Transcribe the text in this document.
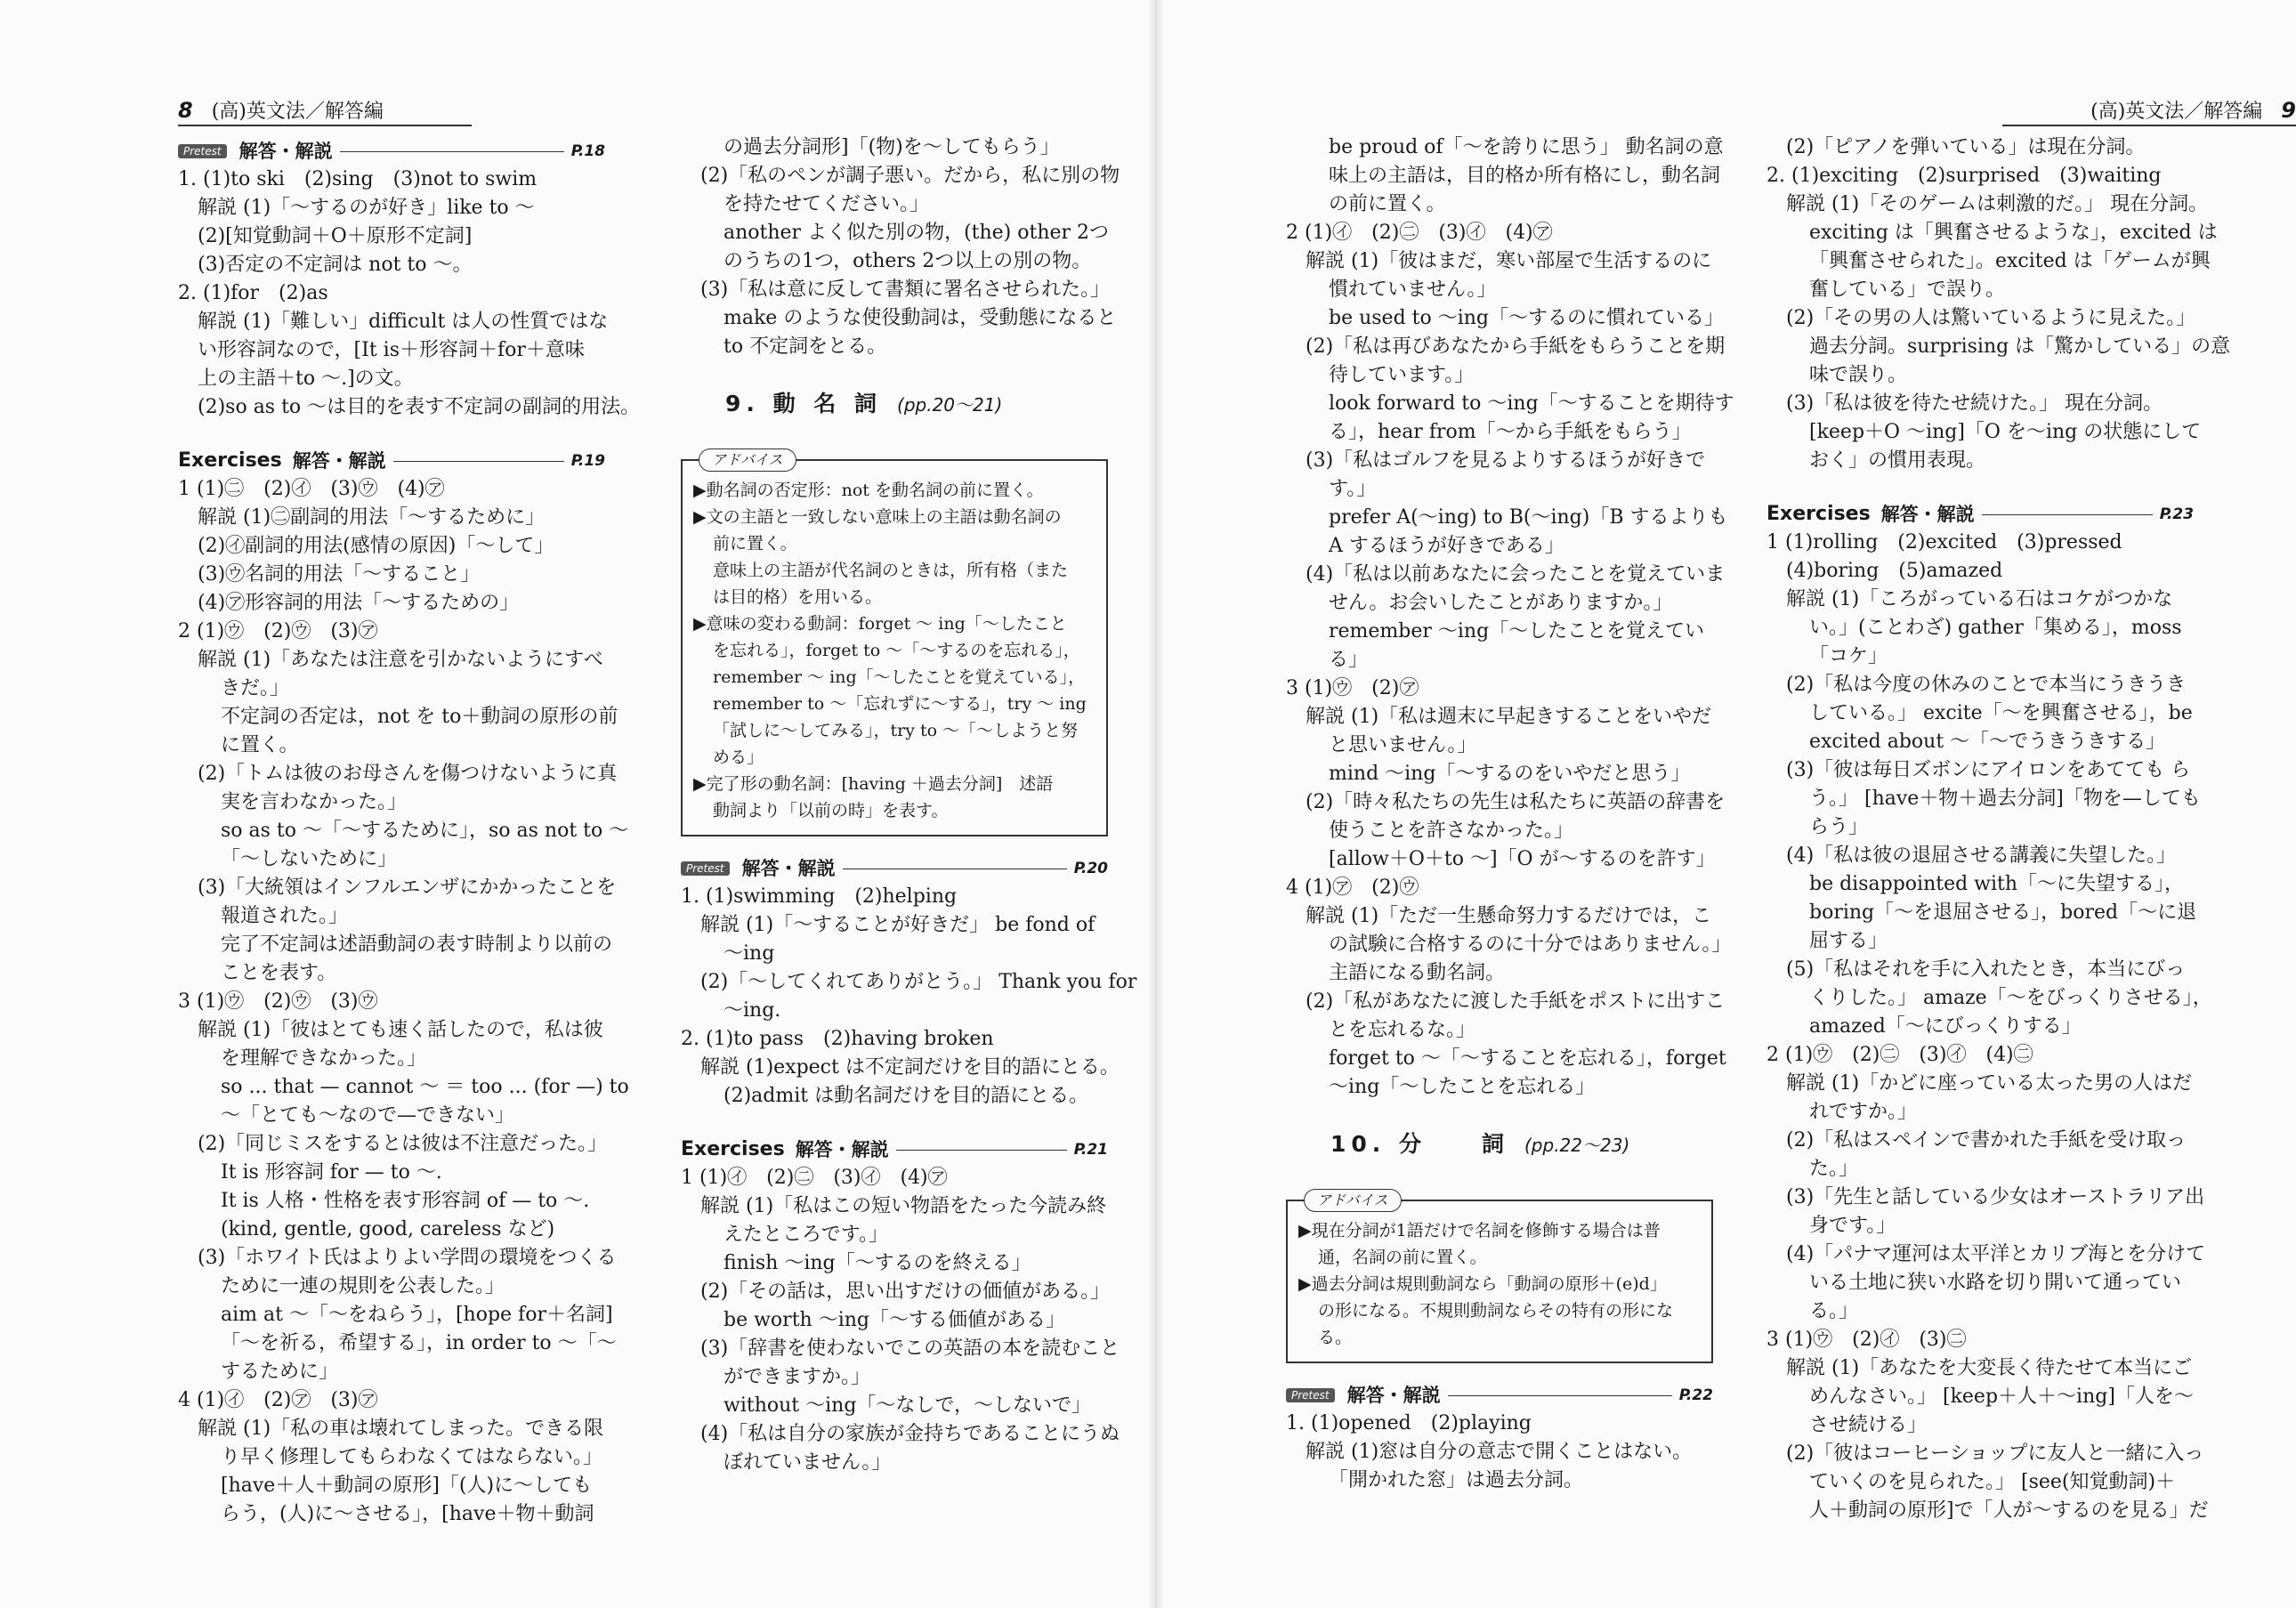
8 (高)英文法／解答編	(高)英文法／解答編 9
Pretest 解答・解説	P.18
1. (1)to ski　(2)sing　(3)not to swim
解説 (1)「～するのが好き」like to ～
(2)[知覚動詞＋O＋原形不定詞]
(3)否定の不定詞は not to ～。
2. (1)for　(2)as
解説 (1)「難しい」difficult は人の性質ではな
い形容詞なので，[It is＋形容詞＋for＋意味
上の主語＋to ～.]の文。
(2)so as to ～は目的を表す不定詞の副詞的用法。
Exercises 解答・解説	P.19
1 (1)㊁　(2)㋑　(3)㋒　(4)㋐
解説 (1)㊁副詞的用法「～するために」
(2)㋑副詞的用法(感情の原因)「～して」
(3)㋒名詞的用法「～すること」
(4)㋐形容詞的用法「～するための」
2 (1)㋒　(2)㋒　(3)㋐
解説 (1)「あなたは注意を引かないようにすべ
きだ。」
不定詞の否定は，not を to＋動詞の原形の前
に置く。
(2)「トムは彼のお母さんを傷つけないように真
実を言わなかった。」
so as to ～「～するために」，so as not to ～
「～しないために」
(3)「大統領はインフルエンザにかかったことを
報道された。」
完了不定詞は述語動詞の表す時制より以前の
ことを表す。
3 (1)㋒　(2)㋒　(3)㋒
解説 (1)「彼はとても速く話したので，私は彼
を理解できなかった。」
so ... that — cannot ～ ＝ too ... (for —) to
～「とても～なので—できない」
(2)「同じミスをするとは彼は不注意だった。」
It is 形容詞 for — to ～.
It is 人格・性格を表す形容詞 of — to ～.
(kind, gentle, good, careless など)
(3)「ホワイト氏はよりよい学問の環境をつくる
ために一連の規則を公表した。」
aim at ～「～をねらう」，[hope for＋名詞]
「～を祈る，希望する」，in order to ～「～
するために」
4 (1)㋑　(2)㋐　(3)㋐
解説 (1)「私の車は壊れてしまった。できる限
り早く修理してもらわなくてはならない。」
[have＋人＋動詞の原形]「(人)に～しても
らう，(人)に～させる」，[have＋物＋動詞
の過去分詞形]「(物)を～してもらう」
(2)「私のペンが調子悪い。だから，私に別の物
を持たせてください。」
another よく似た別の物，(the) other 2つ
のうちの1つ，others 2つ以上の別の物。
(3)「私は意に反して書類に署名させられた。」
make のような使役動詞は，受動態になると
to 不定詞をとる。
9. 動 名 詞 (pp.20～21)
アドバイス
▶動名詞の否定形：not を動名詞の前に置く。
▶文の主語と一致しない意味上の主語は動名詞の
前に置く。
意味上の主語が代名詞のときは，所有格（また
は目的格）を用いる。
▶意味の変わる動詞：forget ～ ing「～したこと
を忘れる」，forget to ～「～するのを忘れる」，
remember ～ ing「～したことを覚えている」，
remember to ～「忘れずに～する」，try ～ ing
「試しに～してみる」，try to ～「～しようと努
める」
▶完了形の動名詞：[having ＋過去分詞]　述語
動詞より「以前の時」を表す。
Pretest 解答・解説	P.20
1. (1)swimming　(2)helping
解説 (1)「～することが好きだ」 be fond of
～ing
(2)「～してくれてありがとう。」 Thank you for
～ing.
2. (1)to pass　(2)having broken
解説 (1)expect は不定詞だけを目的語にとる。
(2)admit は動名詞だけを目的語にとる。
Exercises 解答・解説	P.21
1 (1)㋑　(2)㊁　(3)㋑　(4)㋐
解説 (1)「私はこの短い物語をたった今読み終
えたところです。」
finish ～ing「～するのを終える」
(2)「その話は，思い出すだけの価値がある。」
be worth ～ing「～する価値がある」
(3)「辞書を使わないでこの英語の本を読むこと
ができますか。」
without ～ing「～なしで，～しないで」
(4)「私は自分の家族が金持ちであることにうぬ
ぼれていません。」
be proud of「～を誇りに思う」 動名詞の意
味上の主語は，目的格か所有格にし，動名詞
の前に置く。
2 (1)㋑　(2)㊁　(3)㋑　(4)㋐
解説 (1)「彼はまだ，寒い部屋で生活するのに
慣れていません。」
be used to ～ing「～するのに慣れている」
(2)「私は再びあなたから手紙をもらうことを期
待しています。」
look forward to ～ing「～することを期待す
る」，hear from「～から手紙をもらう」
(3)「私はゴルフを見るよりするほうが好きで
す。」
prefer A(～ing) to B(～ing)「B するよりも
A するほうが好きである」
(4)「私は以前あなたに会ったことを覚えていま
せん。お会いしたことがありますか。」
remember ～ing「～したことを覚えてい
る」
3 (1)㋒　(2)㋐
解説 (1)「私は週末に早起きすることをいやだ
と思いません。」
mind ～ing「～するのをいやだと思う」
(2)「時々私たちの先生は私たちに英語の辞書を
使うことを許さなかった。」
[allow＋O＋to ～]「O が～するのを許す」
4 (1)㋐　(2)㋒
解説 (1)「ただ一生懸命努力するだけでは，こ
の試験に合格するのに十分ではありません。」
主語になる動名詞。
(2)「私があなたに渡した手紙をポストに出すこ
とを忘れるな。」
forget to ～「～することを忘れる」，forget
～ing「～したことを忘れる」
10. 分　　詞 (pp.22～23)
アドバイス
▶現在分詞が1語だけで名詞を修飾する場合は普
通，名詞の前に置く。
▶過去分詞は規則動詞なら「動詞の原形＋(e)d」
の形になる。不規則動詞ならその特有の形にな
る。
Pretest 解答・解説	P.22
1. (1)opened　(2)playing
解説 (1)窓は自分の意志で開くことはない。
「開かれた窓」は過去分詞。
(2)「ピアノを弾いている」は現在分詞。
2. (1)exciting　(2)surprised　(3)waiting
解説 (1)「そのゲームは刺激的だ。」 現在分詞。
exciting は「興奮させるような」，excited は
「興奮させられた」。excited は「ゲームが興
奮している」で誤り。
(2)「その男の人は驚いているように見えた。」
過去分詞。surprising は「驚かしている」の意
味で誤り。
(3)「私は彼を待たせ続けた。」 現在分詞。
[keep＋O ～ing]「O を～ing の状態にして
おく」の慣用表現。
Exercises 解答・解説	P.23
1 (1)rolling　(2)excited　(3)pressed
(4)boring　(5)amazed
解説 (1)「ころがっている石はコケがつかな
い。」(ことわざ) gather「集める」，moss
「コケ」
(2)「私は今度の休みのことで本当にうきうき
している。」 excite「～を興奮させる」，be
excited about ～「～でうきうきする」
(3)「彼は毎日ズボンにアイロンをあてても ら
う。」 [have＋物＋過去分詞]「物を—しても
らう」
(4)「私は彼の退屈させる講義に失望した。」
be disappointed with「～に失望する」，
boring「～を退屈させる」，bored「～に退
屈する」
(5)「私はそれを手に入れたとき，本当にびっ
くりした。」 amaze「～をびっくりさせる」，
amazed「～にびっくりする」
2 (1)㋒　(2)㊁　(3)㋑　(4)㊁
解説 (1)「かどに座っている太った男の人はだ
れですか。」
(2)「私はスペインで書かれた手紙を受け取っ
た。」
(3)「先生と話している少女はオーストラリア出
身です。」
(4)「パナマ運河は太平洋とカリブ海とを分けて
いる土地に狭い水路を切り開いて通ってい
る。」
3 (1)㋒　(2)㋑　(3)㊁
解説 (1)「あなたを大変長く待たせて本当にご
めんなさい。」 [keep＋人＋～ing]「人を～
させ続ける」
(2)「彼はコーヒーショップに友人と一緒に入っ
ていくのを見られた。」 [see(知覚動詞)＋
人＋動詞の原形]で「人が～するのを見る」だ
